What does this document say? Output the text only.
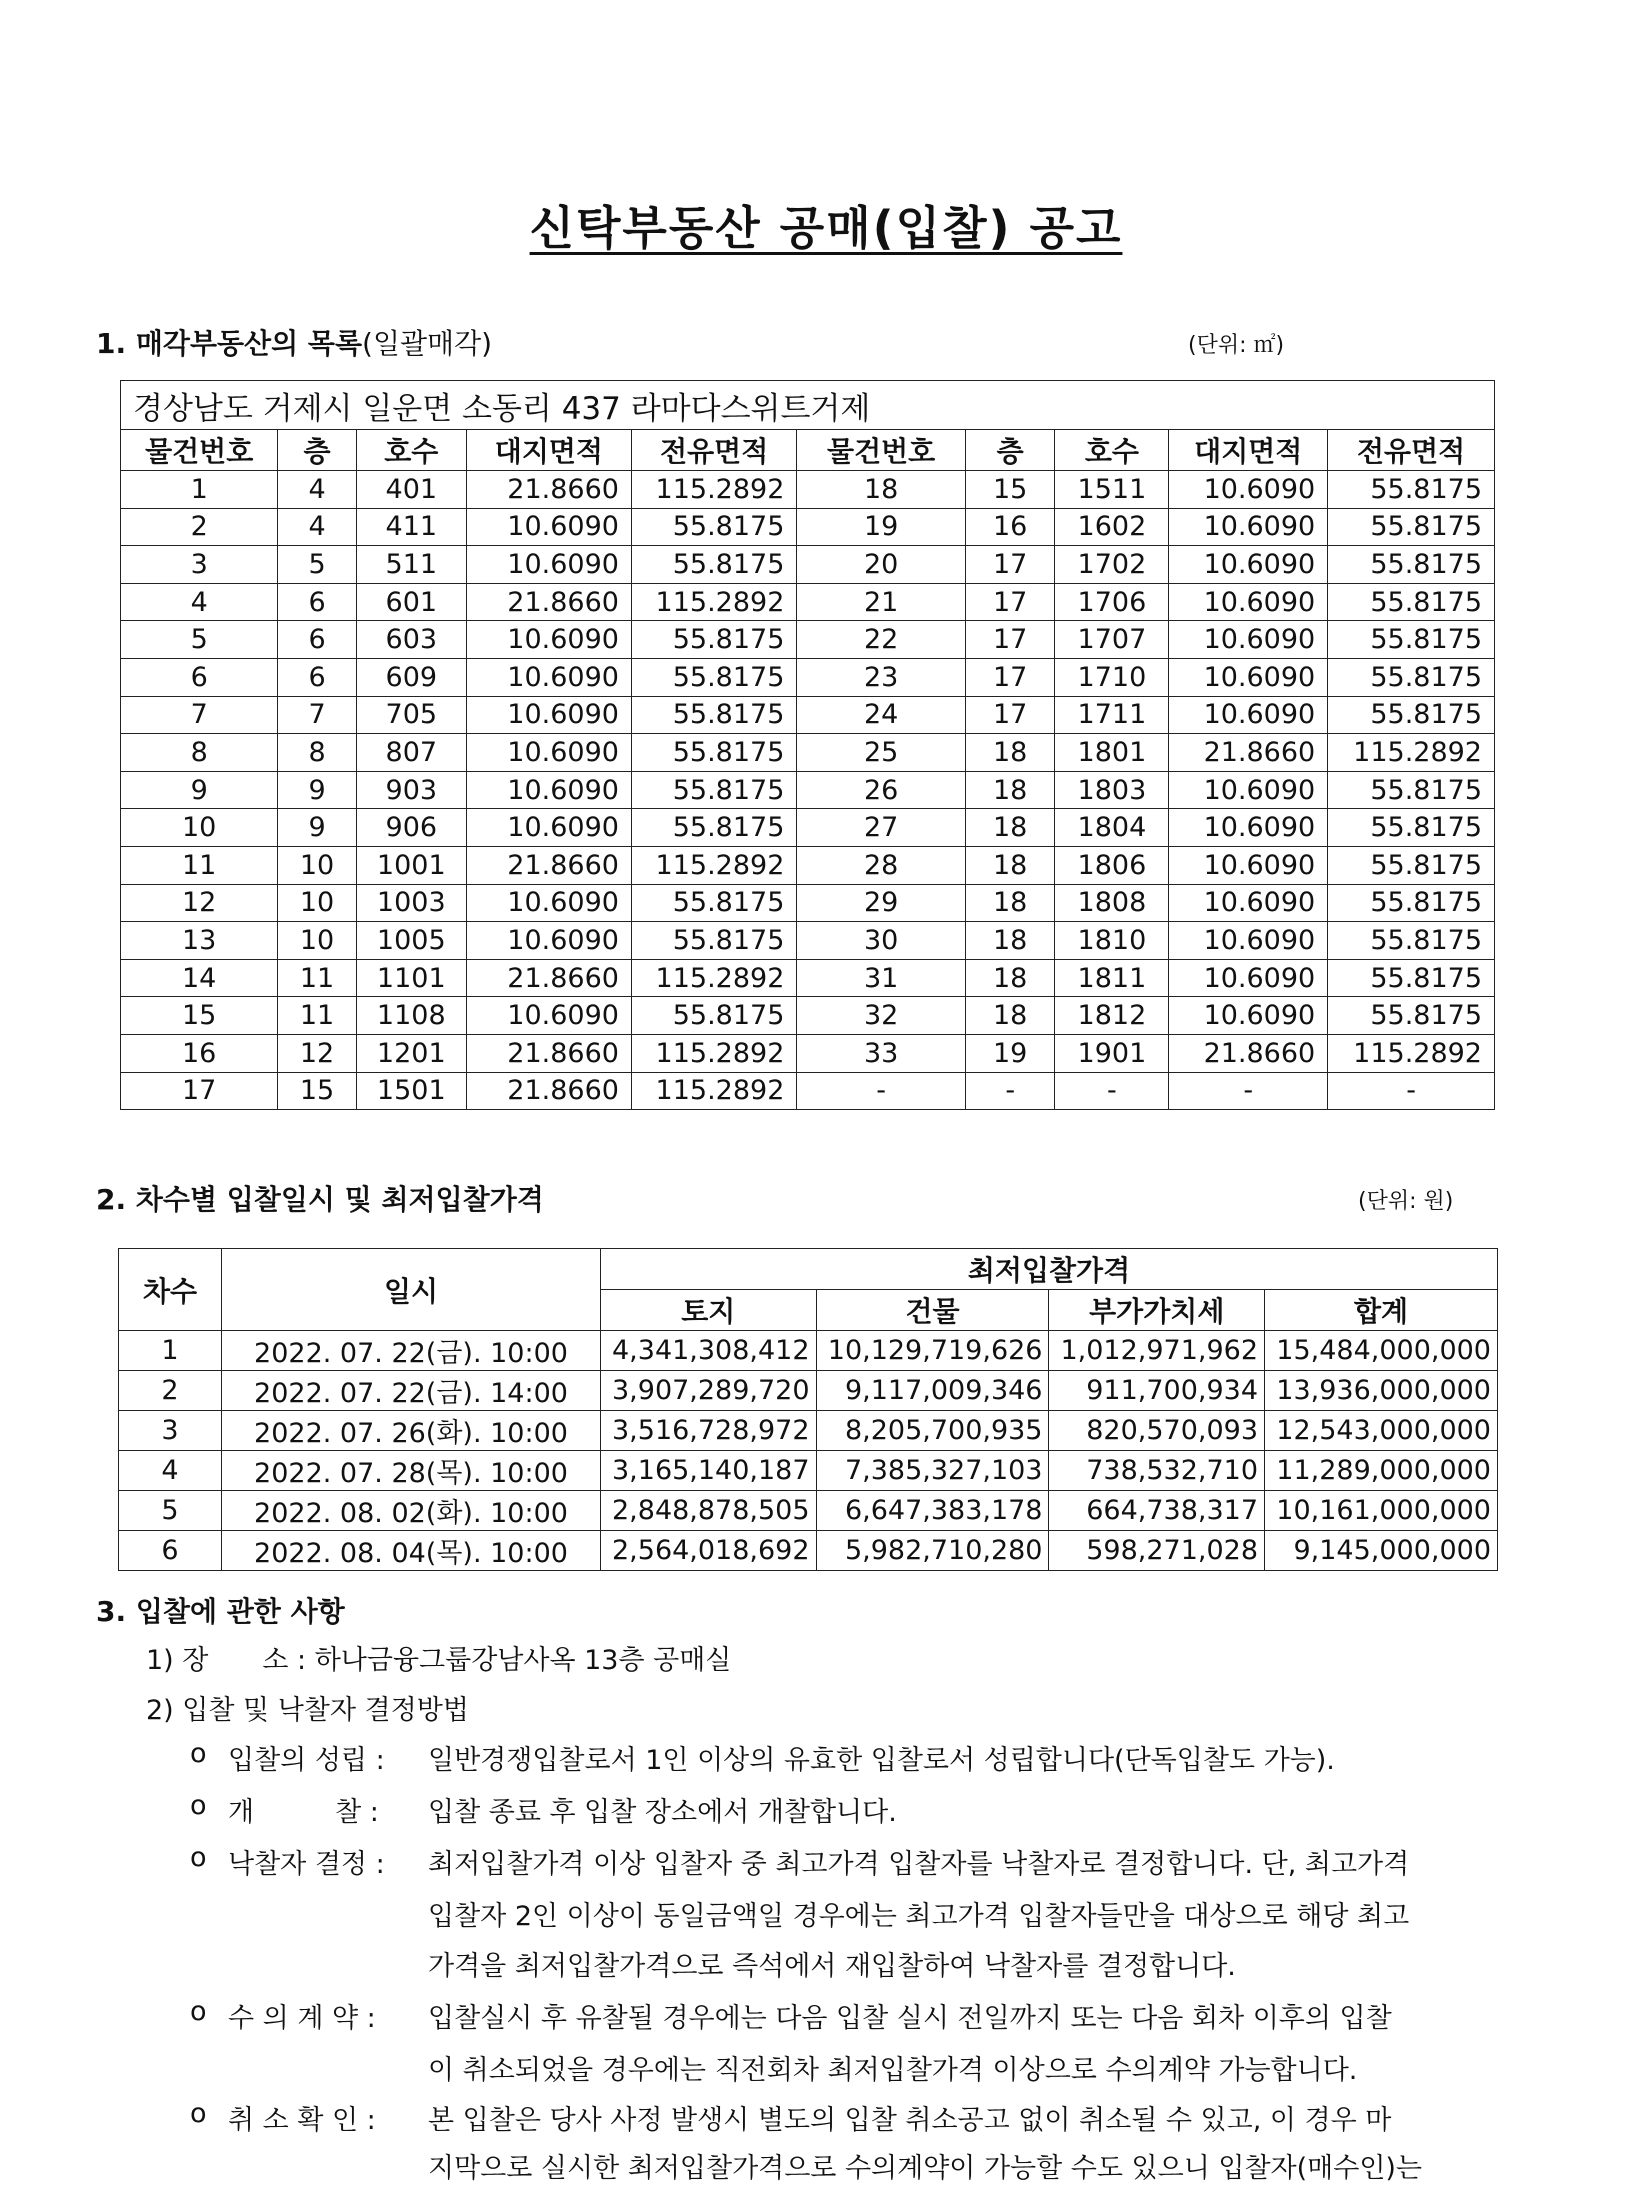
신탁부동산 공매(입찰) 공고
1. 매각부동산의 목록(일괄매각)	(단위: ㎡)
경상남도 거제시 일운면 소동리 437 라마다스위트거제									
물건번호	층	호수	대지면적	전유면적	물건번호	층	호수	대지면적	전유면적
1	4	401	21.8660	115.2892	18	15	1511	10.6090	55.8175
2	4	411	10.6090	55.8175	19	16	1602	10.6090	55.8175
3	5	511	10.6090	55.8175	20	17	1702	10.6090	55.8175
4	6	601	21.8660	115.2892	21	17	1706	10.6090	55.8175
5	6	603	10.6090	55.8175	22	17	1707	10.6090	55.8175
6	6	609	10.6090	55.8175	23	17	1710	10.6090	55.8175
7	7	705	10.6090	55.8175	24	17	1711	10.6090	55.8175
8	8	807	10.6090	55.8175	25	18	1801	21.8660	115.2892
9	9	903	10.6090	55.8175	26	18	1803	10.6090	55.8175
10	9	906	10.6090	55.8175	27	18	1804	10.6090	55.8175
11	10	1001	21.8660	115.2892	28	18	1806	10.6090	55.8175
12	10	1003	10.6090	55.8175	29	18	1808	10.6090	55.8175
13	10	1005	10.6090	55.8175	30	18	1810	10.6090	55.8175
14	11	1101	21.8660	115.2892	31	18	1811	10.6090	55.8175
15	11	1108	10.6090	55.8175	32	18	1812	10.6090	55.8175
16	12	1201	21.8660	115.2892	33	19	1901	21.8660	115.2892
17	15	1501	21.8660	115.2892	-	-	-	-	-
2. 차수별 입찰일시 및 최저입찰가격	(단위: 원)
차수	일시	최저입찰가격			
		토지	건물	부가가치세	합계
1	2022. 07. 22(금). 10:00	4,341,308,412	10,129,719,626	1,012,971,962	15,484,000,000
2	2022. 07. 22(금). 14:00	3,907,289,720	9,117,009,346	911,700,934	13,936,000,000
3	2022. 07. 26(화). 10:00	3,516,728,972	8,205,700,935	820,570,093	12,543,000,000
4	2022. 07. 28(목). 10:00	3,165,140,187	7,385,327,103	738,532,710	11,289,000,000
5	2022. 08. 02(화). 10:00	2,848,878,505	6,647,383,178	664,738,317	10,161,000,000
6	2022. 08. 04(목). 10:00	2,564,018,692	5,982,710,280	598,271,028	9,145,000,000
3. 입찰에 관한 사항
1) 장　　소 : 하나금융그룹강남사옥 13층 공매실
2) 입찰 및 낙찰자 결정방법
o 입찰의 성립 : 일반경쟁입찰로서 1인 이상의 유효한 입찰로서 성립합니다(단독입찰도 가능).
o 개　　　찰 : 입찰 종료 후 입찰 장소에서 개찰합니다.
o 낙찰자 결정 : 최저입찰가격 이상 입찰자 중 최고가격 입찰자를 낙찰자로 결정합니다. 단, 최고가격
입찰자 2인 이상이 동일금액일 경우에는 최고가격 입찰자들만을 대상으로 해당 최고
가격을 최저입찰가격으로 즉석에서 재입찰하여 낙찰자를 결정합니다.
o 수 의 계 약 : 입찰실시 후 유찰될 경우에는 다음 입찰 실시 전일까지 또는 다음 회차 이후의 입찰
이 취소되었을 경우에는 직전회차 최저입찰가격 이상으로 수의계약 가능합니다.
o 취 소 확 인 : 본 입찰은 당사 사정 발생시 별도의 입찰 취소공고 없이 취소될 수 있고, 이 경우 마
지막으로 실시한 최저입찰가격으로 수의계약이 가능할 수도 있으니 입찰자(매수인)는
